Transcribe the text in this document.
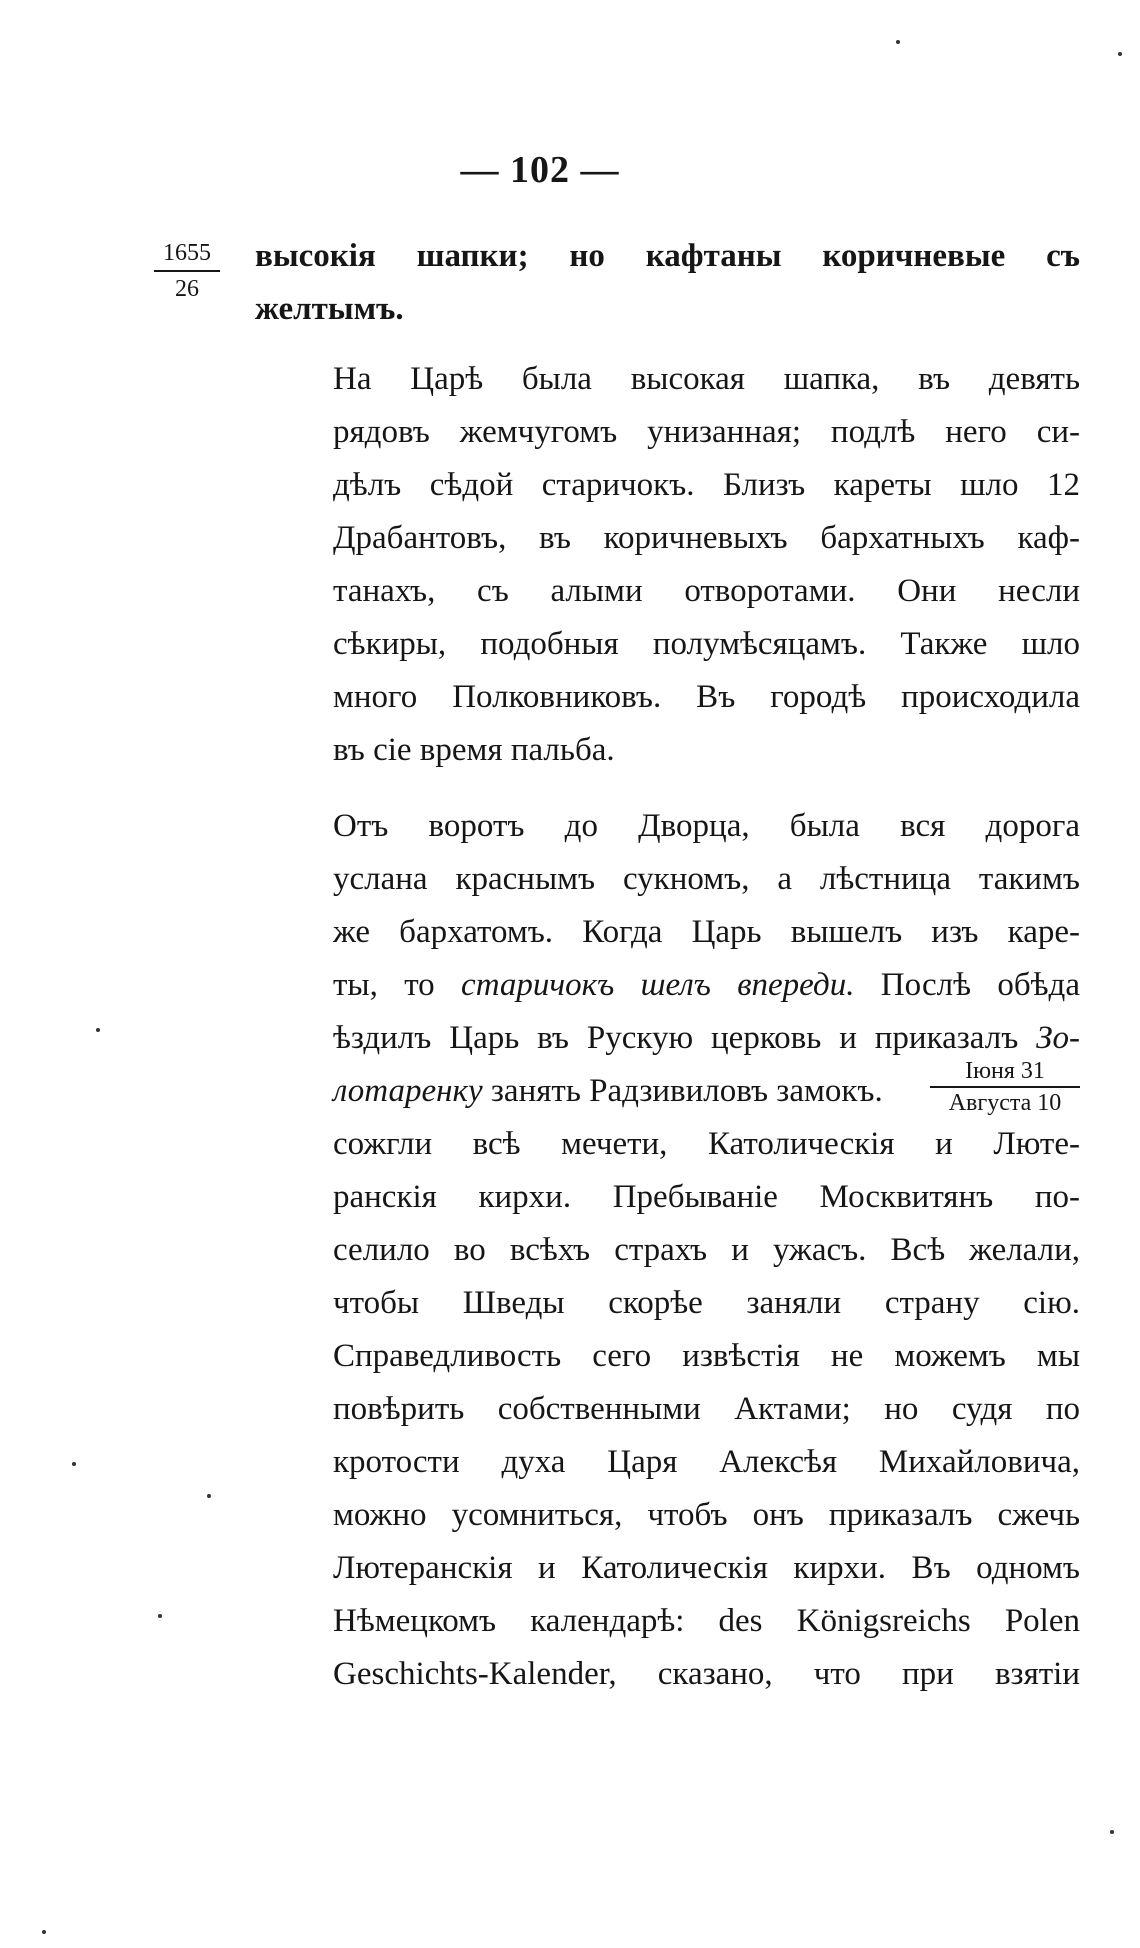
— 102 —
1655
26
высокія шапки; но кафтаны коричневые съ
желтымъ.
На Царѣ была высокая шапка, въ девять
рядовъ жемчугомъ унизанная; подлѣ него си-
дѣлъ сѣдой старичокъ. Близъ кареты шло 12
Драбантовъ, въ коричневыхъ бархатныхъ каф-
танахъ, съ алыми отворотами. Они несли
сѣкиры, подобныя полумѣсяцамъ. Также шло
много Полковниковъ. Въ городѣ происходила
въ сіе время пальба.
Отъ воротъ до Дворца, была вся дорога
услана краснымъ сукномъ, а лѣстница такимъ
же бархатомъ. Когда Царь вышелъ изъ каре-
ты, то старичокъ шелъ впереди. Послѣ обѣда
ѣздилъ Царь въ Рускую церковь и приказалъ Зо-
лотаренку занять Радзивиловъ замокъ.
сожгли всѣ мечети, Католическія и Люте-
ранскія кирхи. Пребываніе Москвитянъ по-
селило во всѣхъ страхъ и ужасъ. Всѣ желали,
чтобы Шведы скорѣе заняли страну сію.
Справедливость сего извѣстія не можемъ мы
повѣрить собственными Актами; но судя по
кротости духа Царя Алексѣя Михайловича,
можно усомниться, чтобъ онъ приказалъ сжечь
Лютеранскія и Католическія кирхи. Въ одномъ
Нѣмецкомъ календарѣ: des Königsreichs Polen
Geschichts-Kalender, сказано, что при взятіи
Іюня 31
Августа 10
